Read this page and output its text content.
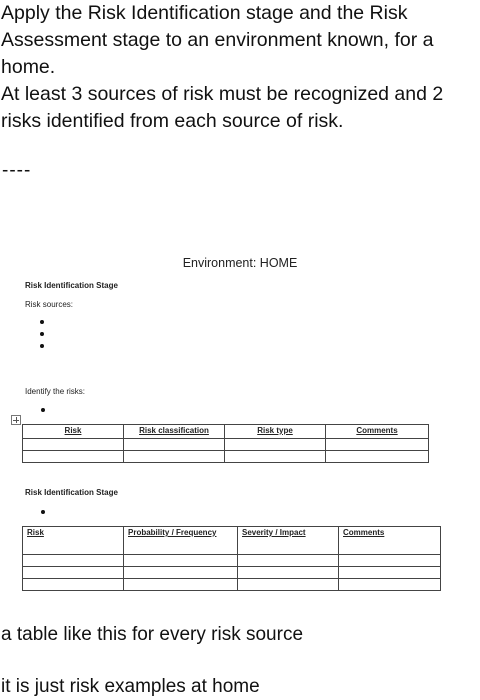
Apply the Risk Identification stage and the Risk Assessment stage to an environment known, for a home.

At least 3 sources of risk must be recognized and 2 risks identified from each source of risk.

----
Environment: HOME
Risk Identification Stage
Risk sources:
Identify the risks:
Risk	Risk classification	Risk type	Comments

Risk Identification Stage
Risk	Probability / Frequency	Severity / Impact	Comments

a table like this for every risk source
it is just risk examples at home
